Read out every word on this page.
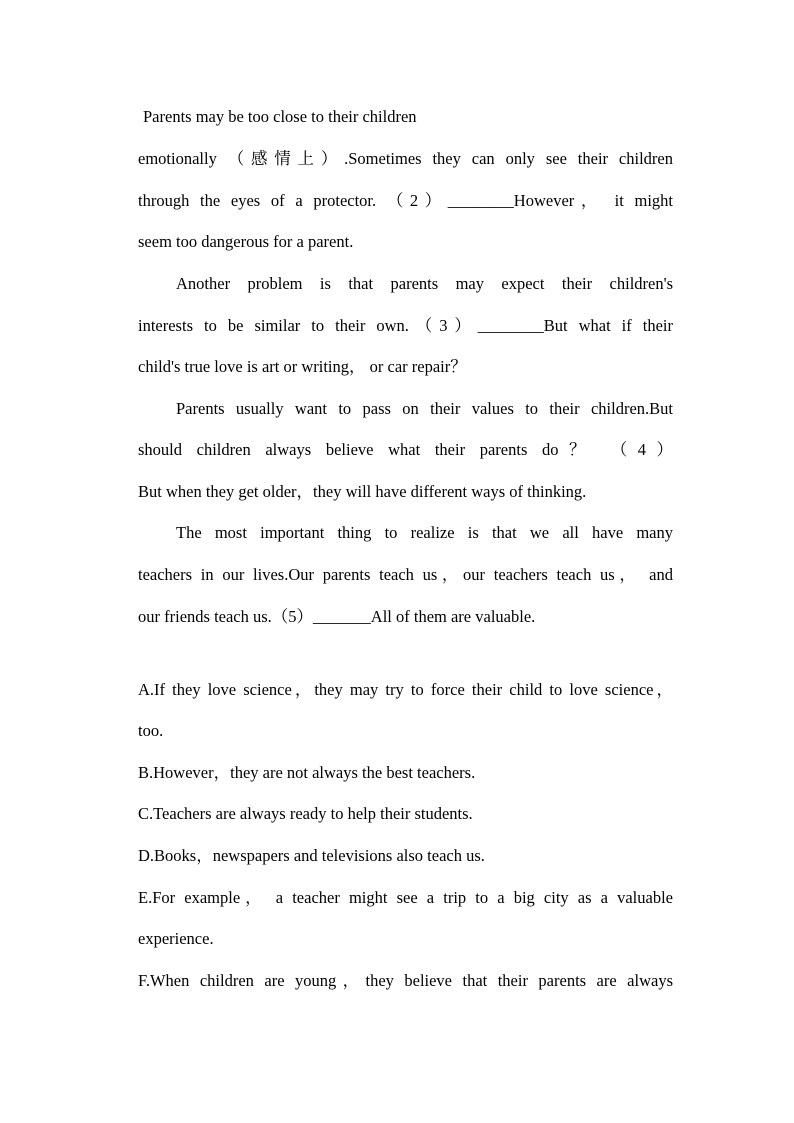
Parents may be too close to their children
emotionally （感情上）.Sometimes they can only see their children
through the eyes of a protector. （2）________However， it might
seem too dangerous for a parent.
Another problem is that parents may expect their children's
interests to be similar to their own.（3）________But what if their
child's true love is art or writing， or car repair？
Parents usually want to pass on their values to their children.But
should children always believe what their parents do？ （4）
But when they get older，they will have different ways of thinking.
The most important thing to realize is that we all have many
teachers in our lives.Our parents teach us，our teachers teach us， and
our friends teach us.（5）_______All of them are valuable.
A.If they love science，they may try to force their child to love science，
too.
B.However，they are not always the best teachers.
C.Teachers are always ready to help their students.
D.Books，newspapers and televisions also teach us.
E.For example， a teacher might see a trip to a big city as a valuable
experience.
F.When children are young，they believe that their parents are always
